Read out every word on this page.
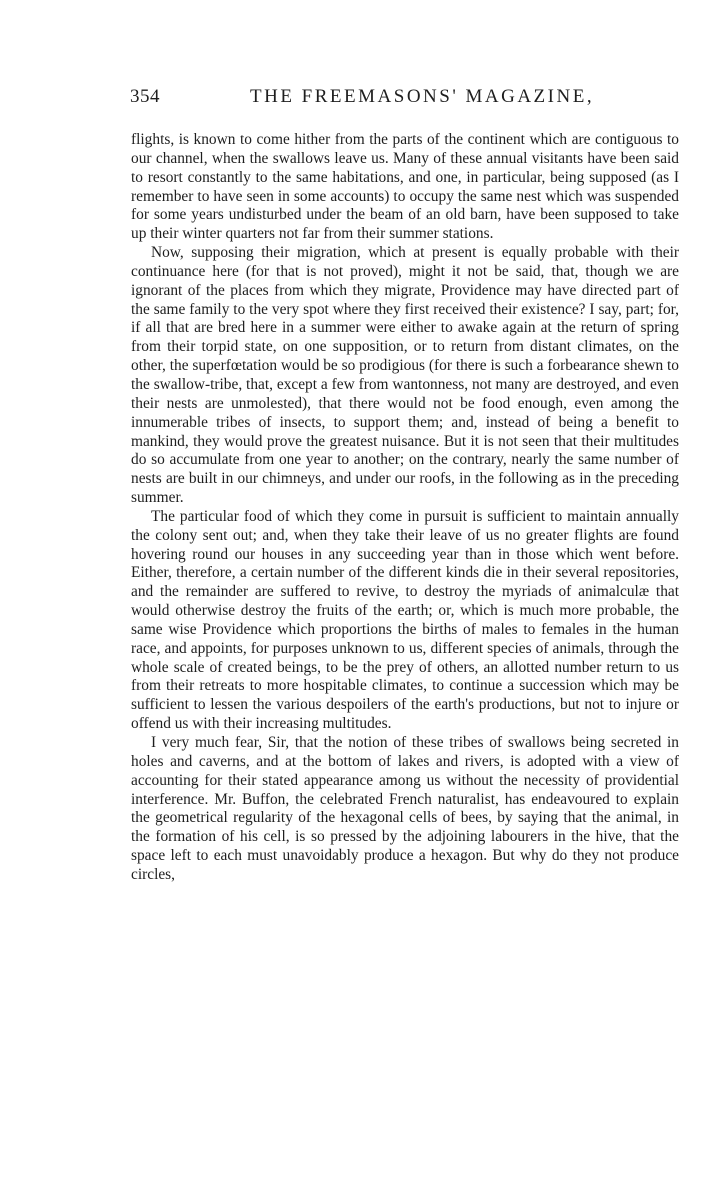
354	THE FREEMASONS' MAGAZINE,

flights, is known to come hither from the parts of the continent which are contiguous to our channel, when the swallows leave us. Many of these annual visitants have been said to resort constantly to the same habitations, and one, in particular, being supposed (as I remember to have seen in some accounts) to occupy the same nest which was suspended for some years undisturbed under the beam of an old barn, have been supposed to take up their winter quarters not far from their summer stations.

Now, supposing their migration, which at present is equally probable with their continuance here (for that is not proved), might it not be said, that, though we are ignorant of the places from which they migrate, Providence may have directed part of the same family to the very spot where they first received their existence? I say, part; for, if all that are bred here in a summer were either to awake again at the return of spring from their torpid state, on one supposition, or to return from distant climates, on the other, the superfœtation would be so prodigious (for there is such a forbearance shewn to the swallow-tribe, that, except a few from wantonness, not many are destroyed, and even their nests are unmolested), that there would not be food enough, even among the innumerable tribes of insects, to support them; and, instead of being a benefit to mankind, they would prove the greatest nuisance. But it is not seen that their multitudes do so accumulate from one year to another; on the contrary, nearly the same number of nests are built in our chimneys, and under our roofs, in the following as in the preceding summer.

The particular food of which they come in pursuit is sufficient to maintain annually the colony sent out; and, when they take their leave of us no greater flights are found hovering round our houses in any succeeding year than in those which went before. Either, therefore, a certain number of the different kinds die in their several repositories, and the remainder are suffered to revive, to destroy the myriads of animalculæ that would otherwise destroy the fruits of the earth; or, which is much more probable, the same wise Providence which proportions the births of males to females in the human race, and appoints, for purposes unknown to us, different species of animals, through the whole scale of created beings, to be the prey of others, an allotted number return to us from their retreats to more hospitable climates, to continue a succession which may be sufficient to lessen the various despoilers of the earth's productions, but not to injure or offend us with their increasing multitudes.

I very much fear, Sir, that the notion of these tribes of swallows being secreted in holes and caverns, and at the bottom of lakes and rivers, is adopted with a view of accounting for their stated appearance among us without the necessity of providential interference. Mr. Buffon, the celebrated French naturalist, has endeavoured to explain the geometrical regularity of the hexagonal cells of bees, by saying that the animal, in the formation of his cell, is so pressed by the adjoining labourers in the hive, that the space left to each must unavoidably produce a hexagon. But why do they not produce circles,
